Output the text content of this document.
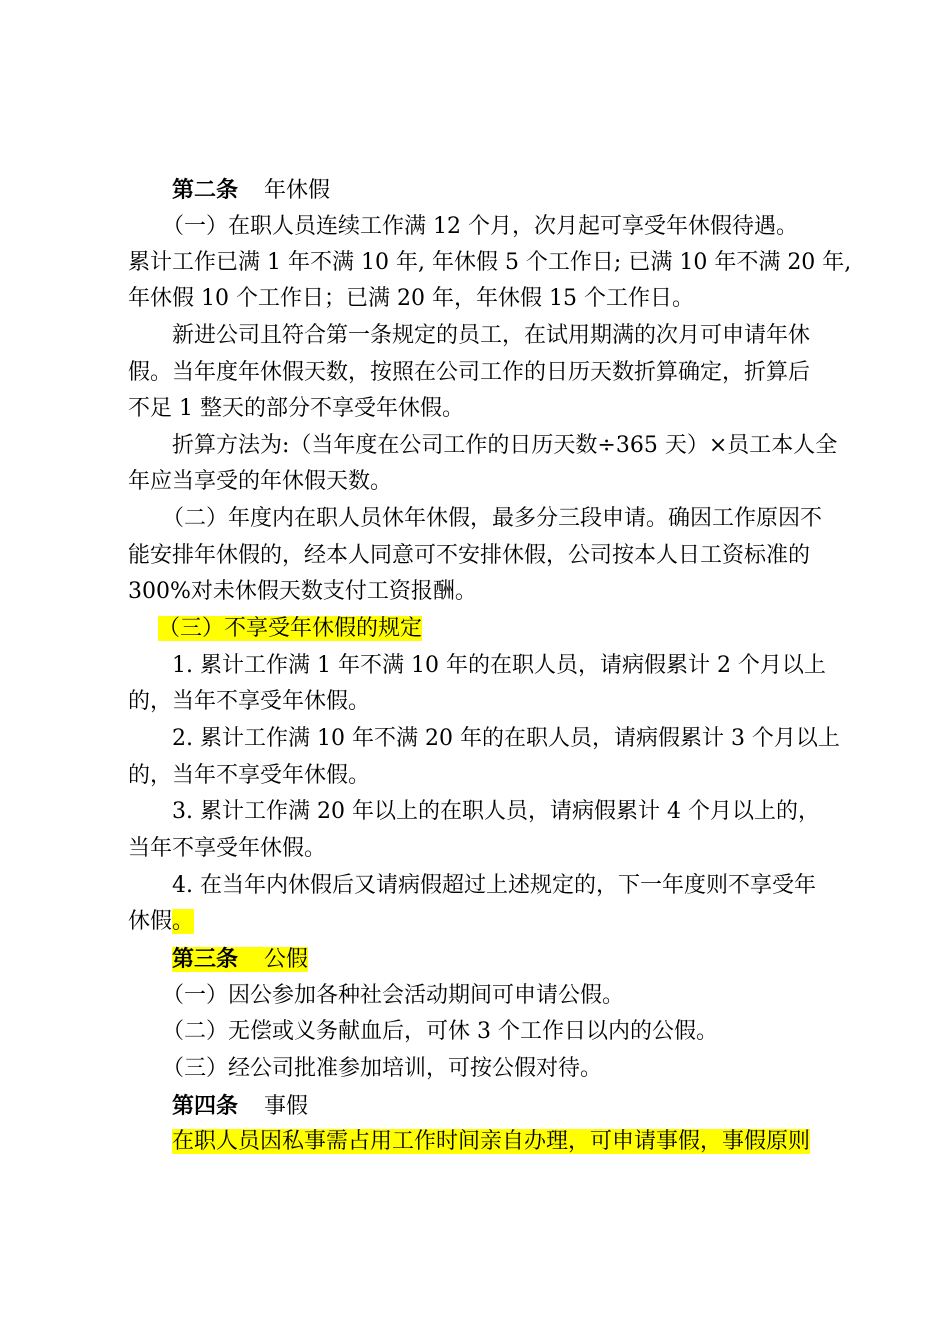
第二条 年休假
（一）在职人员连续工作满 12 个月，次月起可享受年休假待遇。
累计工作已满 1 年不满 10 年, 年休假 5 个工作日; 已满 10 年不满 20 年,
年休假 10 个工作日；已满 20 年，年休假 15 个工作日。
新进公司且符合第一条规定的员工，在试用期满的次月可申请年休
假。当年度年休假天数，按照在公司工作的日历天数折算确定，折算后
不足 1 整天的部分不享受年休假。
折算方法为:（当年度在公司工作的日历天数÷365 天）×员工本人全
年应当享受的年休假天数。
（二）年度内在职人员休年休假，最多分三段申请。确因工作原因不
能安排年休假的，经本人同意可不安排休假，公司按本人日工资标准的
300%对未休假天数支付工资报酬。
（三）不享受年休假的规定
1. 累计工作满 1 年不满 10 年的在职人员，请病假累计 2 个月以上
的，当年不享受年休假。
2. 累计工作满 10 年不满 20 年的在职人员，请病假累计 3 个月以上
的，当年不享受年休假。
3. 累计工作满 20 年以上的在职人员，请病假累计 4 个月以上的，
当年不享受年休假。
4. 在当年内休假后又请病假超过上述规定的，下一年度则不享受年
休假。
第三条 公假
（一）因公参加各种社会活动期间可申请公假。
（二）无偿或义务献血后，可休 3 个工作日以内的公假。
（三）经公司批准参加培训，可按公假对待。
第四条 事假
在职人员因私事需占用工作时间亲自办理，可申请事假，事假原则
